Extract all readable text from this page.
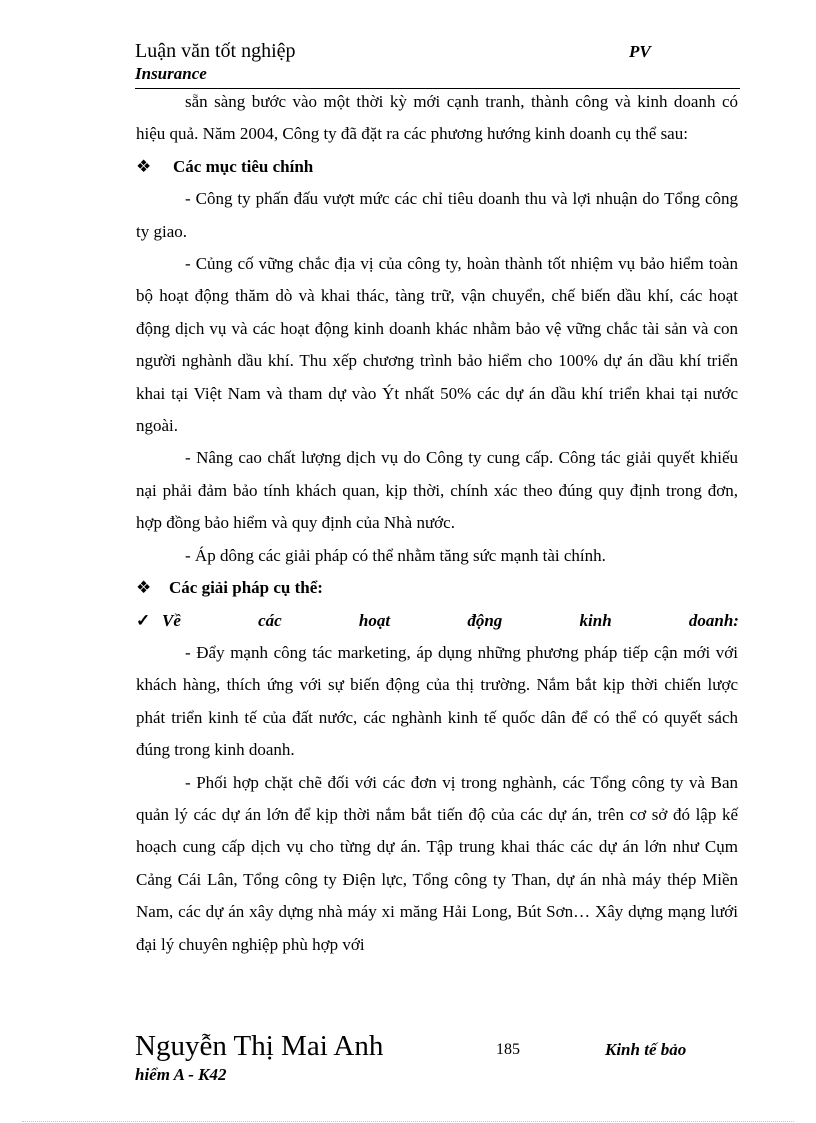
Luận văn tốt nghiệp	PV
Insurance

sẵn sàng bước vào một thời kỳ mới cạnh tranh, thành công và kinh doanh có hiệu quả. Năm 2004, Công ty đã đặt ra các phương hướng kinh doanh cụ thể sau:

❖ Các mục tiêu chính

- Công ty phấn đấu vượt mức các chỉ tiêu doanh thu và lợi nhuận do Tổng công ty giao.

- Củng cố vững chắc địa vị của công ty, hoàn thành tốt nhiệm vụ bảo hiểm toàn bộ hoạt động thăm dò và khai thác, tàng trữ, vận chuyển, chế biến dầu khí, các hoạt động dịch vụ và các hoạt động kinh doanh khác nhằm bảo vệ vững chắc tài sản và con người nghành dầu khí. Thu xếp chương trình bảo hiểm cho 100% dự án dầu khí triển khai tại Việt Nam và tham dự vào Ýt nhất 50% các dự án dầu khí triển khai tại nước ngoài.

- Nâng cao chất lượng dịch vụ do Công ty cung cấp. Công tác giải quyết khiếu nại phải đảm bảo tính khách quan, kịp thời, chính xác theo đúng quy định trong đơn, hợp đồng bảo hiểm và quy định của Nhà nước.

- Áp dông các giải pháp có thể nhằm tăng sức mạnh tài chính.

❖ Các giải pháp cụ thể:

✓ Về	các	hoạt	động	kinh	doanh:

- Đẩy mạnh công tác marketing, áp dụng những phương pháp tiếp cận mới với khách hàng, thích ứng với sự biến động của thị trường. Nắm bắt kịp thời chiến lược phát triển kinh tế của đất nước, các nghành kinh tế quốc dân để có thể có quyết sách đúng trong kinh doanh.

- Phối hợp chặt chẽ đối với các đơn vị trong nghành, các Tổng công ty và Ban quản lý các dự án lớn để kịp thời nắm bắt tiến độ của các dự án, trên cơ sở đó lập kế hoạch cung cấp dịch vụ cho từng dự án. Tập trung khai thác các dự án lớn như Cụm Cảng Cái Lân, Tổng công ty Điện lực, Tổng công ty Than, dự án nhà máy thép Miền Nam, các dự án xây dựng nhà máy xi măng Hải Long, Bút Sơn… Xây dựng mạng lưới đại lý chuyên nghiệp phù hợp với

Nguyễn Thị Mai Anh	185	Kinh tế bảo
hiểm A - K42
